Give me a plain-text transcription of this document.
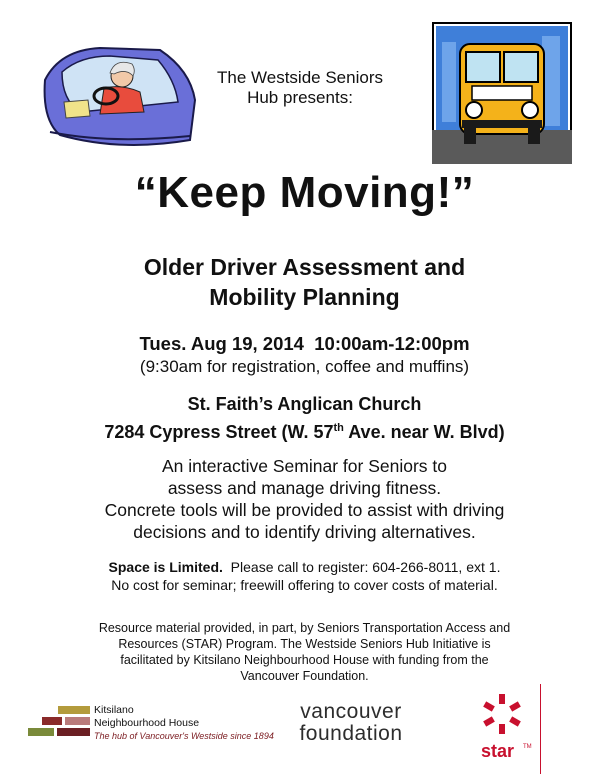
The Westside Seniors
Hub presents:
“Keep Moving!”
Older Driver Assessment and
Mobility Planning
Tues. Aug 19, 2014  10:00am-12:00pm
(9:30am for registration, coffee and muffins)
St. Faith’s Anglican Church
7284 Cypress Street (W. 57th Ave. near W. Blvd)
An interactive Seminar for Seniors to
assess and manage driving fitness.
Concrete tools will be provided to assist with driving
decisions and to identify driving alternatives.
Space is Limited.  Please call to register: 604-266-8011, ext 1.
No cost for seminar; freewill offering to cover costs of material.
Resource material provided, in part, by Seniors Transportation Access and
Resources (STAR) Program. The Westside Seniors Hub Initiative is
facilitated by Kitsilano Neighbourhood House with funding from the
Vancouver Foundation.
Kitsilano
Neighbourhood House
The hub of Vancouver's Westside since 1894
vancouver
foundation
star TM
